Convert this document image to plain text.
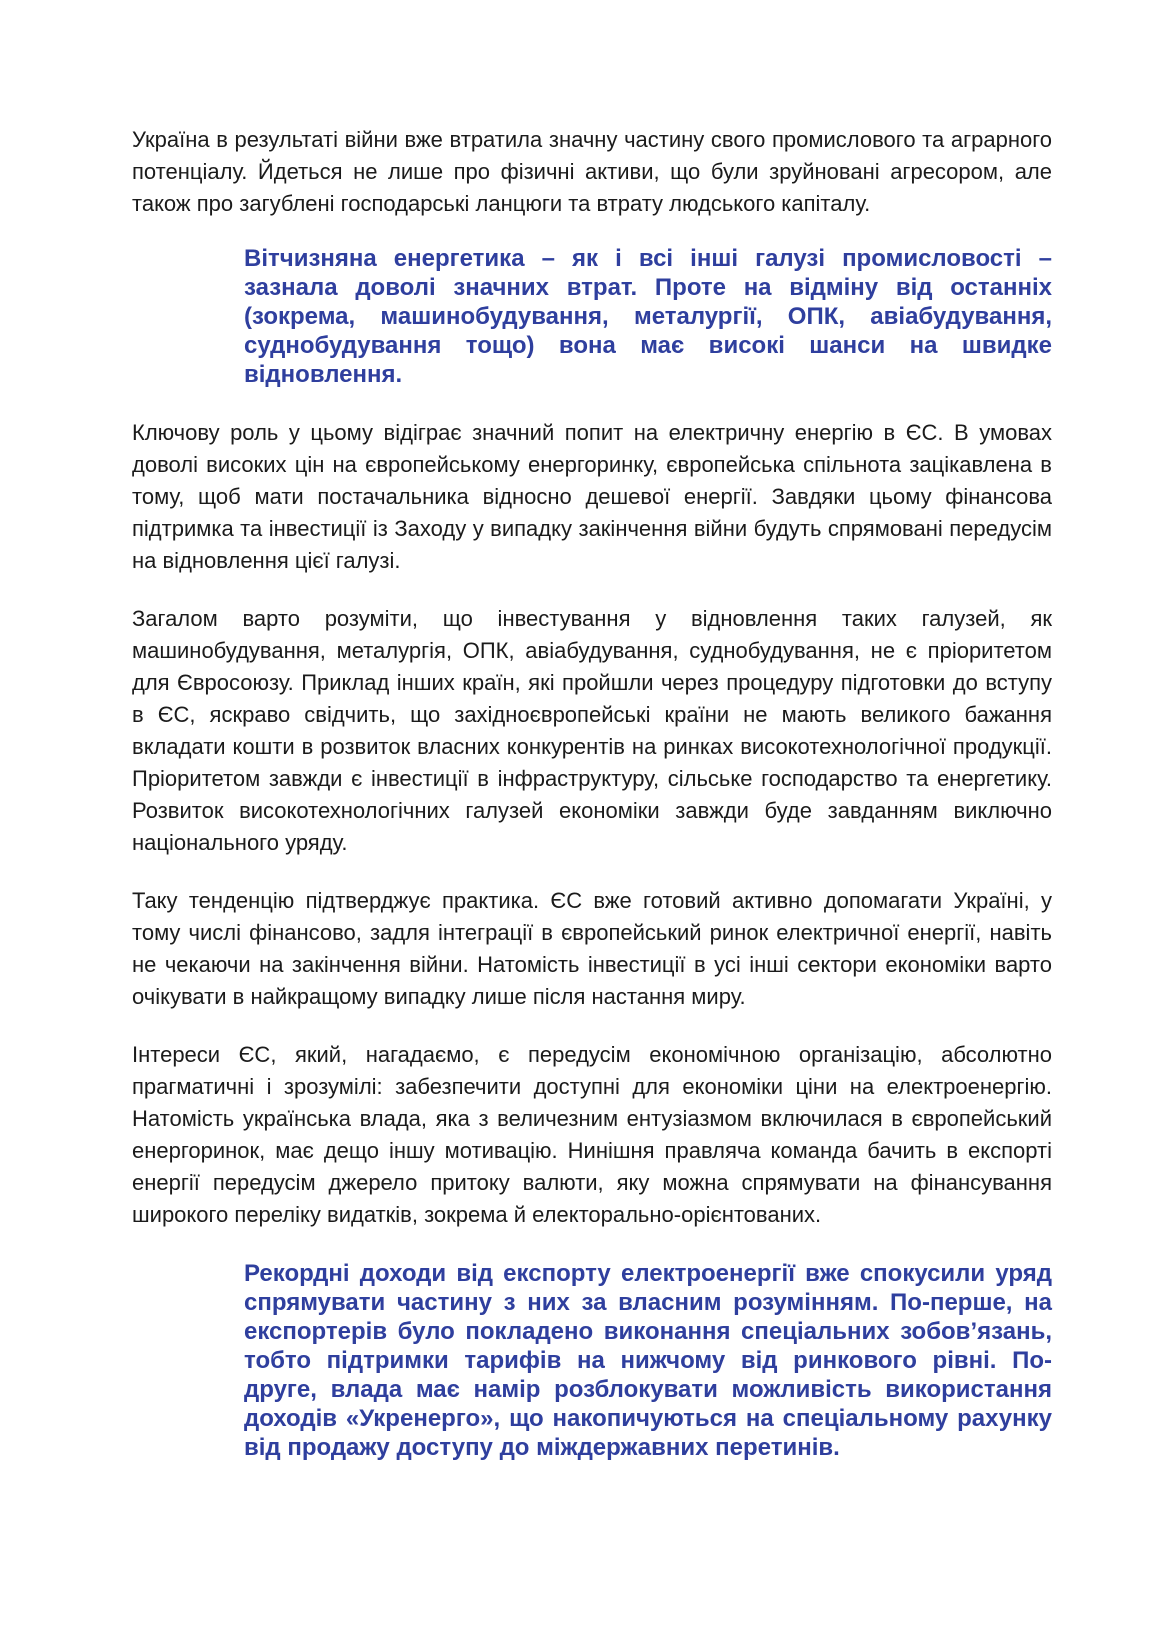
Україна в результаті війни вже втратила значну частину свого промислового та аграрного потенціалу. Йдеться не лише про фізичні активи, що були зруйновані агресором, але також про загублені господарські ланцюги та втрату людського капіталу.

Вітчизняна енергетика – як і всі інші галузі промисловості – зазнала доволі значних втрат. Проте на відміну від останніх (зокрема, машинобудування, металургії, ОПК, авіабудування, суднобудування тощо) вона має високі шанси на швидке відновлення.

Ключову роль у цьому відіграє значний попит на електричну енергію в ЄС. В умовах доволі високих цін на європейському енергоринку, європейська спільнота зацікавлена в тому, щоб мати постачальника відносно дешевої енергії. Завдяки цьому фінансова підтримка та інвестиції із Заходу у випадку закінчення війни будуть спрямовані передусім на відновлення цієї галузі.

Загалом варто розуміти, що інвестування у відновлення таких галузей, як машинобудування, металургія, ОПК, авіабудування, суднобудування, не є пріоритетом для Євросоюзу. Приклад інших країн, які пройшли через процедуру підготовки до вступу в ЄС, яскраво свідчить, що західноєвропейські країни не мають великого бажання вкладати кошти в розвиток власних конкурентів на ринках високотехнологічної продукції. Пріоритетом завжди є інвестиції в інфраструктуру, сільське господарство та енергетику. Розвиток високотехнологічних галузей економіки завжди буде завданням виключно національного уряду.

Таку тенденцію підтверджує практика. ЄС вже готовий активно допомагати Україні, у тому числі фінансово, задля інтеграції в європейський ринок електричної енергії, навіть не чекаючи на закінчення війни. Натомість інвестиції в усі інші сектори економіки варто очікувати в найкращому випадку лише після настання миру.

Інтереси ЄС, який, нагадаємо, є передусім економічною організацію, абсолютно прагматичні і зрозумілі: забезпечити доступні для економіки ціни на електроенергію. Натомість українська влада, яка з величезним ентузіазмом включилася в європейський енергоринок, має дещо іншу мотивацію. Нинішня правляча команда бачить в експорті енергії передусім джерело притоку валюти, яку можна спрямувати на фінансування широкого переліку видатків, зокрема й електорально-орієнтованих.

Рекордні доходи від експорту електроенергії вже спокусили уряд спрямувати частину з них за власним розумінням. По-перше, на експортерів було покладено виконання спеціальних зобов’язань, тобто підтримки тарифів на нижчому від ринкового рівні. По-друге, влада має намір розблокувати можливість використання доходів «Укренерго», що накопичуються на спеціальному рахунку від продажу доступу до міждержавних перетинів.
